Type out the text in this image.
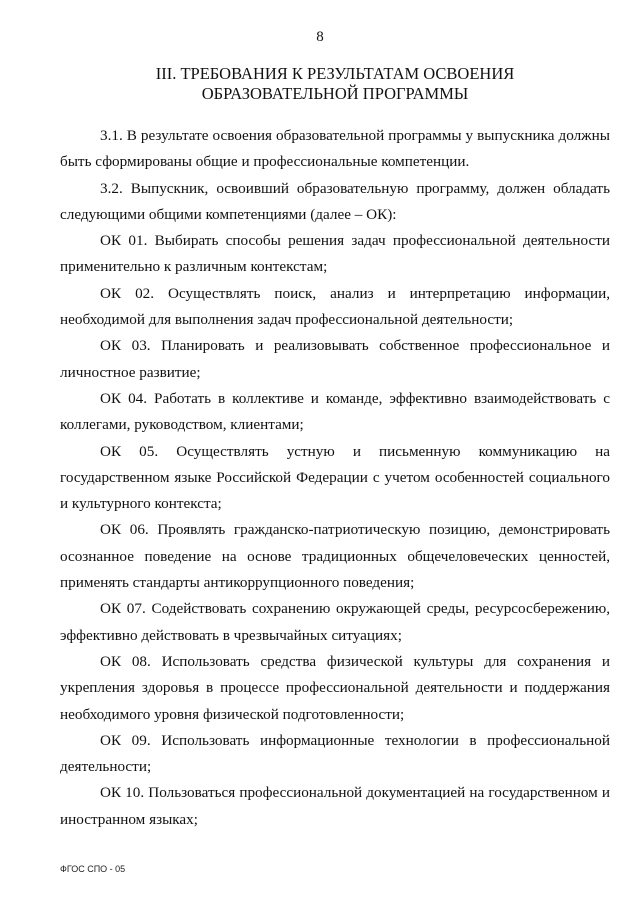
8
III. ТРЕБОВАНИЯ К РЕЗУЛЬТАТАМ ОСВОЕНИЯ
ОБРАЗОВАТЕЛЬНОЙ ПРОГРАММЫ

3.1. В результате освоения образовательной программы у выпускника должны быть сформированы общие и профессиональные компетенции.

3.2. Выпускник, освоивший образовательную программу, должен обладать следующими общими компетенциями (далее – ОК):

ОК 01. Выбирать способы решения задач профессиональной деятельности применительно к различным контекстам;

ОК 02. Осуществлять поиск, анализ и интерпретацию информации, необходимой для выполнения задач профессиональной деятельности;

ОК 03. Планировать и реализовывать собственное профессиональное и личностное развитие;

ОК 04. Работать в коллективе и команде, эффективно взаимодействовать с коллегами, руководством, клиентами;

ОК 05. Осуществлять устную и письменную коммуникацию на государственном языке Российской Федерации с учетом особенностей социального и культурного контекста;

ОК 06. Проявлять гражданско-патриотическую позицию, демонстрировать осознанное поведение на основе традиционных общечеловеческих ценностей, применять стандарты антикоррупционного поведения;

ОК 07. Содействовать сохранению окружающей среды, ресурсосбережению, эффективно действовать в чрезвычайных ситуациях;

ОК 08. Использовать средства физической культуры для сохранения и укрепления здоровья в процессе профессиональной деятельности и поддержания необходимого уровня физической подготовленности;

ОК 09. Использовать информационные технологии в профессиональной деятельности;

ОК 10. Пользоваться профессиональной документацией на государственном и иностранном языках;

ФГОС СПО - 05
